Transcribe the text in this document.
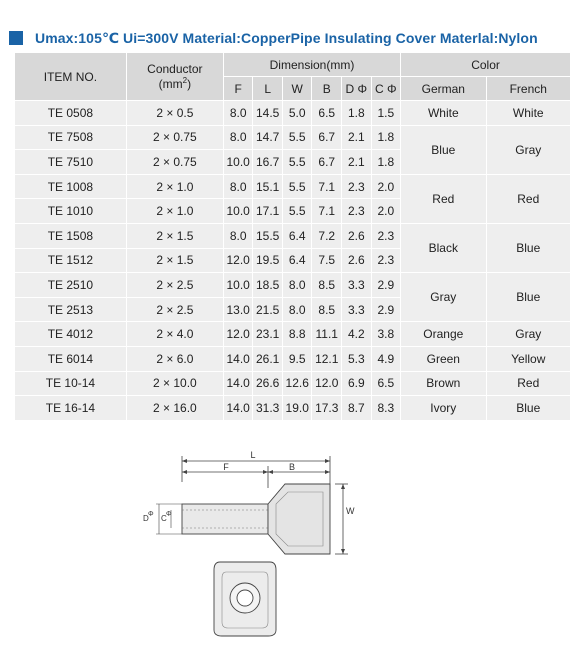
Umax:105℃ Ui=300V Material:CopperPipe Insulating Cover Materlal:Nylon
ITEM NO.	Conductor
$(mm^2)$	Dimension(mm)						Color	
		F	L	W	B	D Φ	C Φ	German	French
TE 0508	2 × 0.5	8.0	14.5	5.0	6.5	1.8	1.5	White	White
TE 7508	2 × 0.75	8.0	14.7	5.5	6.7	2.1	1.8	Blue	Gray
TE 7510	2 × 0.75	10.0	16.7	5.5	6.7	2.1	1.8		
TE 1008	2 × 1.0	8.0	15.1	5.5	7.1	2.3	2.0	Red	Red
TE 1010	2 × 1.0	10.0	17.1	5.5	7.1	2.3	2.0		
TE 1508	2 × 1.5	8.0	15.5	6.4	7.2	2.6	2.3	Black	Blue
TE 1512	2 × 1.5	12.0	19.5	6.4	7.5	2.6	2.3		
TE 2510	2 × 2.5	10.0	18.5	8.0	8.5	3.3	2.9	Gray	Blue
TE 2513	2 × 2.5	13.0	21.5	8.0	8.5	3.3	2.9		
TE 4012	2 × 4.0	12.0	23.1	8.8	11.1	4.2	3.8	Orange	Gray
TE 6014	2 × 6.0	14.0	26.1	9.5	12.1	5.3	4.9	Green	Yellow
TE 10-14	2 × 10.0	14.0	26.6	12.6	12.0	6.9	6.5	Brown	Red
TE 16-14	2 × 16.0	14.0	31.3	19.0	17.3	8.7	8.3	Ivory	Blue
L
F	B
W
D Φ C Φ
